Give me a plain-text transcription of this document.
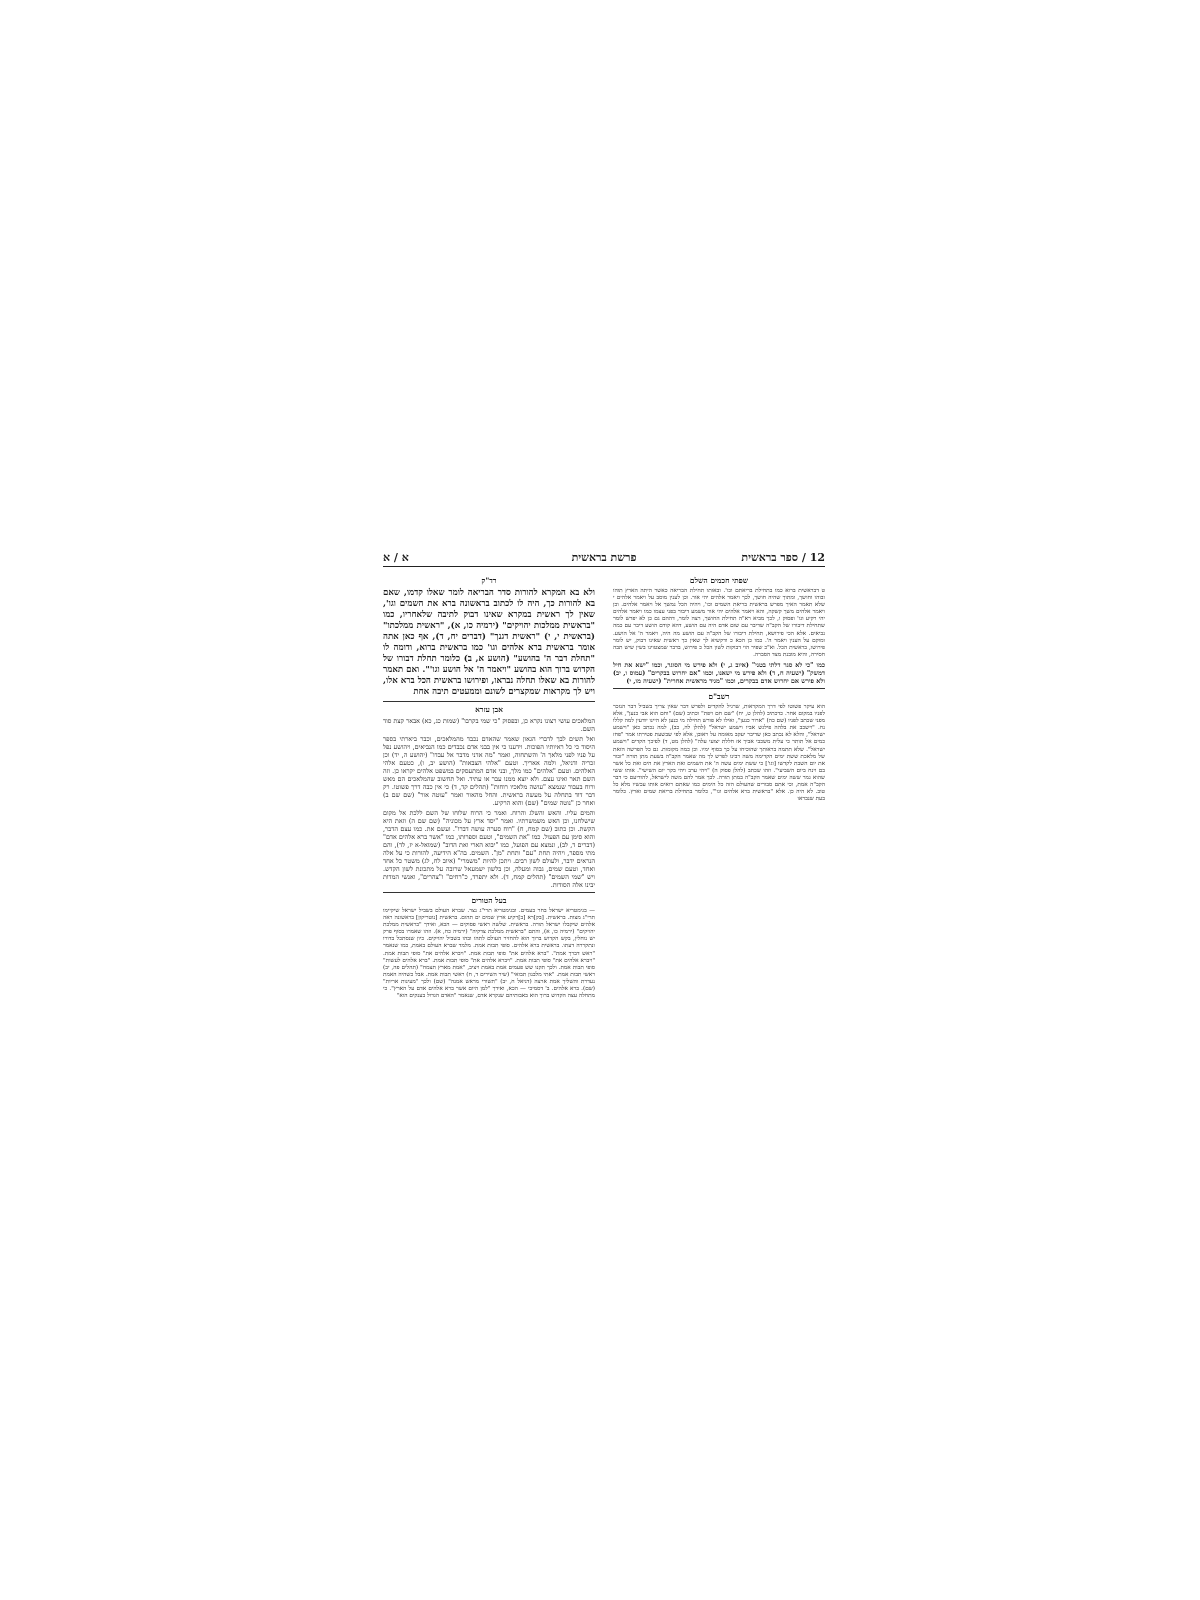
12 / ספר בראשית
פרשת בראשית
א / א
שפתי חכמים השלם
ט דבראשית ברוא כמו בתחילת בריאתם וכו'. ובאותו תחילת הבריאה כאשר היתה הארץ תוהו ובוהו וחושך, ומתוך שהיה חושך, לכך ויאמר אלהים יהי אור. וכן לענין מוסב על ויאמר אלהים י שלא תאמר האיך מפרש בראשית בריאת השמים וכו', ויהיה הכל נמשך אל ויאמר אלהים. וכן ויאמר אלהים משך קשקה, והא ויאמר אלהים יהי אור משמע דיבור בפני עצמו כמו ויאמר אלהים יהי רקיע וגו' ופסוק ו, לכך מביא רא"ה תחילת החושך, רצה לומר, דההם גם כן לא יפרש לומר שתחילת דיבורו של הקב"ה שדיבר עם שום אדם היה עם הושע, דהא קודם הושע דיבר עם כמה נביאים. אלא הכי פירושא, תחילת דיבורו של הקב"ה עם הושע מה היה, ויאמר ה' אל הושע. ומוקם על הענין ויאמר ה'. כמו כן הכא כ ודקשיא לך שאין כך ראשית שאינו דבוק, יש לומר פירושו, בראשית הכל. וא"כ שפיר הוי דבוקות לשון הכל כ פירוש, בדבר שמצטוינו בשין שיש תבה חסירה, והיא מובנת מצד הסברה.
כמו "כי לא סגר דלתי בטני" (איוב ג, י) ולא פירש מי הסוגר, וכמו "ישא את חיל דמשק" (ישעיה ח, ד) ולא פירש מי ישאנו, וכמו "אם יחרוש בבקרים" (עמוס ו, יב) ולא פירש אם יחרוש אדם בבקרים, וכמו "מגיד מראשית אחרית" (ישעיה מו, י)
רשב"ם
הוא עיקר פשוטו לפי דרך המקראות, שרגיל להקדים ולפרש דבר שאין צריך בשביל דבר הנזכר לפניו במקום אחר. כדכתיב (להלן ט, יח) "שם חם ויפת" וכתיב (שם) "וחם הוא אבי כנען", אלא מפני שכתב לפניו (שם כה) "ארור כנען", ואילו לא פורש תחילה מי כנען לא היינו יודעין למה קללו נח. "וישכב את בלהה פילגש אביו וישמע ישראל" (להלן לה, כב), למה נכתב כאן "וישמע ישראל", והלא לא נכתב כאן שדיבר יעקב מאומה על ראובן, אלא לפי שבשעת פטירתו אמר "פחז כמים אל תותר כי עלית משכבי אביך אז חללת יצועי עלה" (להלן מט, ד) לפיכך הקדים "וישמע ישראל". שלא תתמה בראותך שהוכיחו על כך בסוף ימיו. וכן כמה מקומות. גם כל הפרשה הזאת של מלאכת ששת ימים הקדימה משה רבינו לפרש לך מה שאמר הקב"ה בשעת מתן תורה "זכור את יום השבת לקדשו [וגו'] כי ששת ימים עשה ה' את השמים ואת הארץ את הים ואת כל אשר בם וינח ביום השביעי". וזהו שכתב (להלן פסוק ה) "ויהי ערב ויהי בקר יום השישי". אותו ששי שהוא גמר ששה ימים שאמר הקב"ה במתן תורה. לכך אמר להם משה לישראל, להודיעם כי דבר הקב"ה אמת, וכי אתם סבורים שהעולם הזה כל הימים כמו שאתם רואים אותו עכשיו מלא כל טוב. לא היה כן. אלא "בראשית ברא אלהים וגו'", כלומר בתחילת בריאת שמים וארץ. כלומר בעת שנבראו
רד"ק
ולא בא המקרא להורות סדר הבריאה לומר שאלו קדמו, שאם בא להורות כך, היה לו לכתוב בראשונה ברא את השמים וגו', שאין לך ראשית במקרא שאינו דבוק לתיבה שלאחריו, כמו "בראשית ממלכות יהויקים" (ירמיה כו, א), "ראשית ממלכתו" (בראשית י, י) "ראשית דגנך" (דברים יח, ד), אף כאן אתה אומר בראשית ברא אלהים וגו' כמו בראשית ברוא, ודומה לו "תחלת דבר ה' בהושע" (הושע א, ב) כלומר תחלת דבורו של הקדוש ברוך הוא בהושע "ויאמר ה' אל הושע וגו'". ואם תאמר להורות בא שאלו תחלה נבראו, ופירושו בראשית הכל ברא אלו, ויש לך מקראות שמקצרים לשונם וממעטים תיבה אחת
אבן עזרא
המלאכים עושי רצונו נקרא כן, ובפסוק "כי שמי בקרבו" (שמות כג, כא) אבאר קצת סוד השם.
ואל תשים לבך לדברי הגאון שאמר שהאדם נכבד מהמלאכים, וכבר ביארתי בספר היסוד כי כל ראיותיו הפוכות. וידענו כי אין בבני אדם נכבדים כמו הנביאים, ויהושע נפל על פניו לפני מלאך ה' והשתחוה, ואמר "מה אדני מדבר אל עבדו" (יהושע ה, יד) וכן זכריה ודניאל, ולמה אאריך. וטעם "אלהי הצבאות" (הושע יב, ו), כטעם אלהי האלהים. וטעם "אלהים" כמו מלך, ובני אדם המתעסקים במשפט אלהים יקראו כן. וזה השם תאר ואינו עצם. ולא יוצא ממנו עבר או עתיד. ואל תחשוב שהמלאכים הם מאש ורוח בעבור שנמצא "עושה מלאכיו רוחות" (תהלים קד, ד) כי אין כבה דרך פשוטו. רק דבר דוד בתחלה על מעשה בראשית. והחל מהאור ואמר "עוטה אור" (שם שם ב) ואחר כן "נוטה שמים" (שם) והוא הרקיע.
והמים עליו. והאש והשלג והרוח. ואמר כי הרוח שלוחו של השם ללכת אל מקום שישלחנו, וכן האש משמשרתיו. ואמר "יסד ארץ על מכוניה" (שם שם ה) וזאת היא הקשת. וכן כתוב (שם קמח, ח) "רוח סערה עושה דברו". ועשם את. כמו עצם הדבר, והוא סימן עם הפעול. כמו "את השמים", וטעם וספרותו, כמו "אשר ברא אלהים אדם" (דברים ד, לב), ונמצא עם הפועל, כמו "יבוא הארי ואת הדוב" (שמואל-א יז, לד), והם מתי מספר, ויהיה תחת "עם" ותחת "מן". השמים. בה"א הידיעה, להורות כי על אלה הנראים ידבר, ולעולם לשון רבים. ויתכן להיות "משמרי" (איוב לח, לג) משטר כל אחד ואחד, וטעם שמים, גבוה ומעלה, וכן בלשון ישמעאל שרובה על מתכונת לשון הקדש. ויש "שמי השמים" (תהלים קמח, ד). ולא יתפרד, כ"רחים" ו"צהרים", ואנשי המדות יבינו אלה הסודות.
בעל הטורים
— בגימטריא ישראל בחר בעמים. ובגימטריא תרי"ג נצר. שברא העולם בשביל ישראל שיקיימו תרי"ג מצות. בראשית. [בק]רא [ב]רקיע ארץ שמים ים תהום. בראשית [נוטריקון] בראשונה ראה אלהים שיקבלו ישראל תורה. בראשית. שלשה ראשי פסוקים — הכא, ואידך "בראשית ממלכת יהויקים" (ירמיה כו, א), והתם "בראשית ממלכת צדקיה" (ירמיה כח, א). וזהו שאמרו בסוף פרק יש נוחלין, בקש הקדוש ברוך הוא להחזיר העולם לתהו ובהו בשביל יהויקים. כיון שנסתכל בדורו ונתקררה דעתו. בראשית ברא אלהים. סופי תבות אמת. מלמד שברא העולם באמת, כמו שנאמר "ראש דברך אמת". "ברא אלהים את" סופי תבות אמת. "ויברא אלהים את" סופי תבות אמת. "ויברא אלהים את" סופי תבות אמת. "ויברא אלהים את" סופי תבות אמת. "ברא אלהים לעשות" סופי תבות אמת. ולכך תקנו שש פעמים אמת באמת ויציב, "אמת מארץ תצמח" (תהלים פה, יב) ראשי תבות אמת. "אתי מלבנון תבואי" (שיר השירים ד, ח) ראשי תבות אמת. אבל כשהיה האמת נעדרת והשליך אמת ארצה (דניאל ח, יב) "תשורי מראש אמנה" (שם) ולכך "מעינות אריות" (שם). ברא אלהים. ב' דסמיכי — הכא, ואידך "למן היום אשר ברא אלהים אדם על הארץ". כי מתחלה עצה הקדוש ברוך הוא באבותיהם שנקרא אדם, שנאמר "האדם הגדול בענקים הוא"
